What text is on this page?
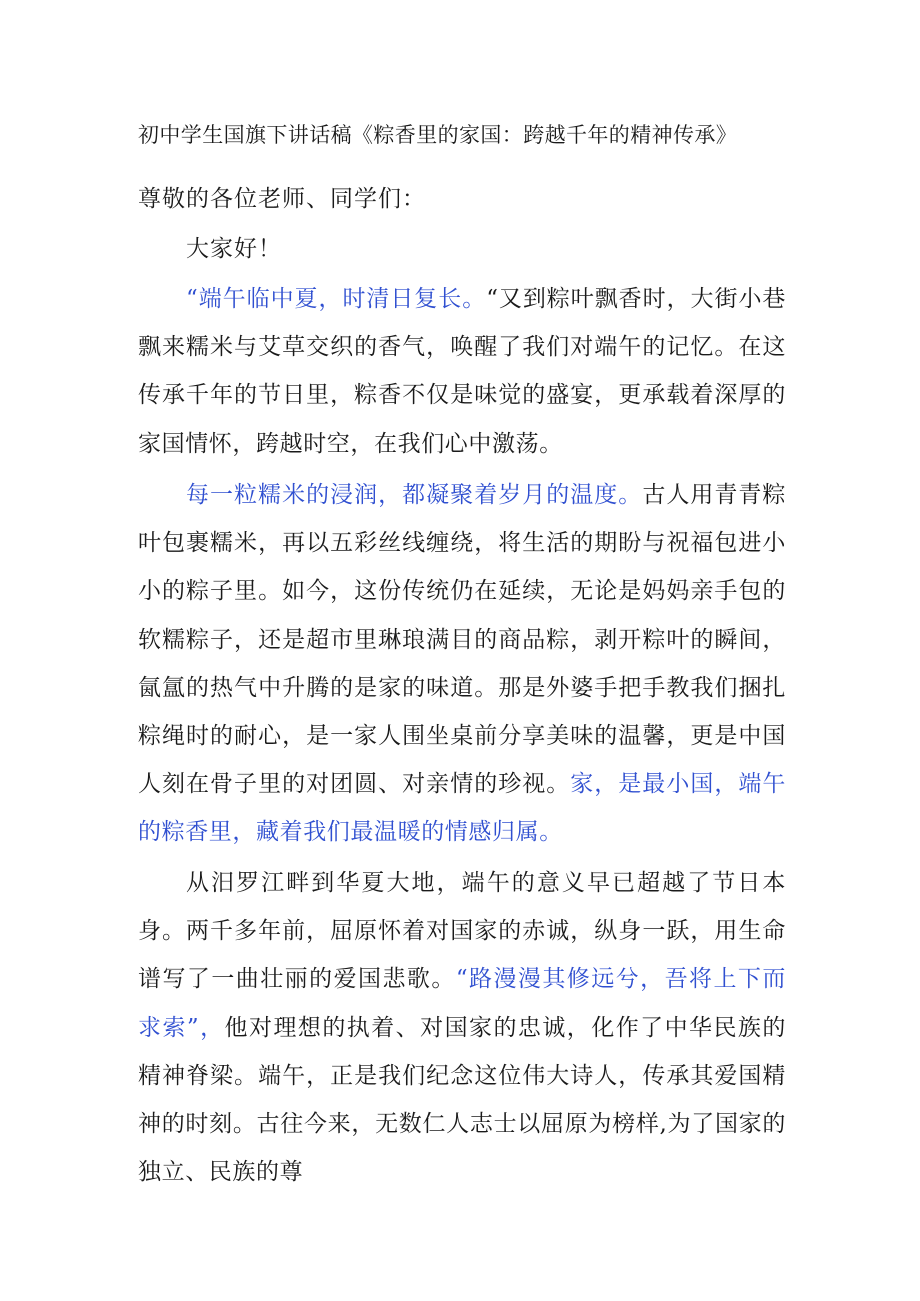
初中学生国旗下讲话稿《粽香里的家国：跨越千年的精神传承》
尊敬的各位老师、同学们：
大家好！

“端午临中夏，时清日复长。“又到粽叶飘香时，大街小巷飘来糯米与艾草交织的香气，唤醒了我们对端午的记忆。在这传承千年的节日里，粽香不仅是味觉的盛宴，更承载着深厚的家国情怀，跨越时空，在我们心中激荡。

每一粒糯米的浸润，都凝聚着岁月的温度。古人用青青粽叶包裹糯米，再以五彩丝线缠绕，将生活的期盼与祝福包进小小的粽子里。如今，这份传统仍在延续，无论是妈妈亲手包的软糯粽子，还是超市里琳琅满目的商品粽，剥开粽叶的瞬间，氤氲的热气中升腾的是家的味道。那是外婆手把手教我们捆扎粽绳时的耐心，是一家人围坐桌前分享美味的温馨，更是中国人刻在骨子里的对团圆、对亲情的珍视。家，是最小国，端午的粽香里，藏着我们最温暖的情感归属。

从汨罗江畔到华夏大地，端午的意义早已超越了节日本身。两千多年前，屈原怀着对国家的赤诚，纵身一跃，用生命谱写了一曲壮丽的爱国悲歌。“路漫漫其修远兮，吾将上下而求索”，他对理想的执着、对国家的忠诚，化作了中华民族的精神脊梁。端午，正是我们纪念这位伟大诗人，传承其爱国精神的时刻。古往今来，无数仁人志士以屈原为榜样,为了国家的独立、民族的尊
